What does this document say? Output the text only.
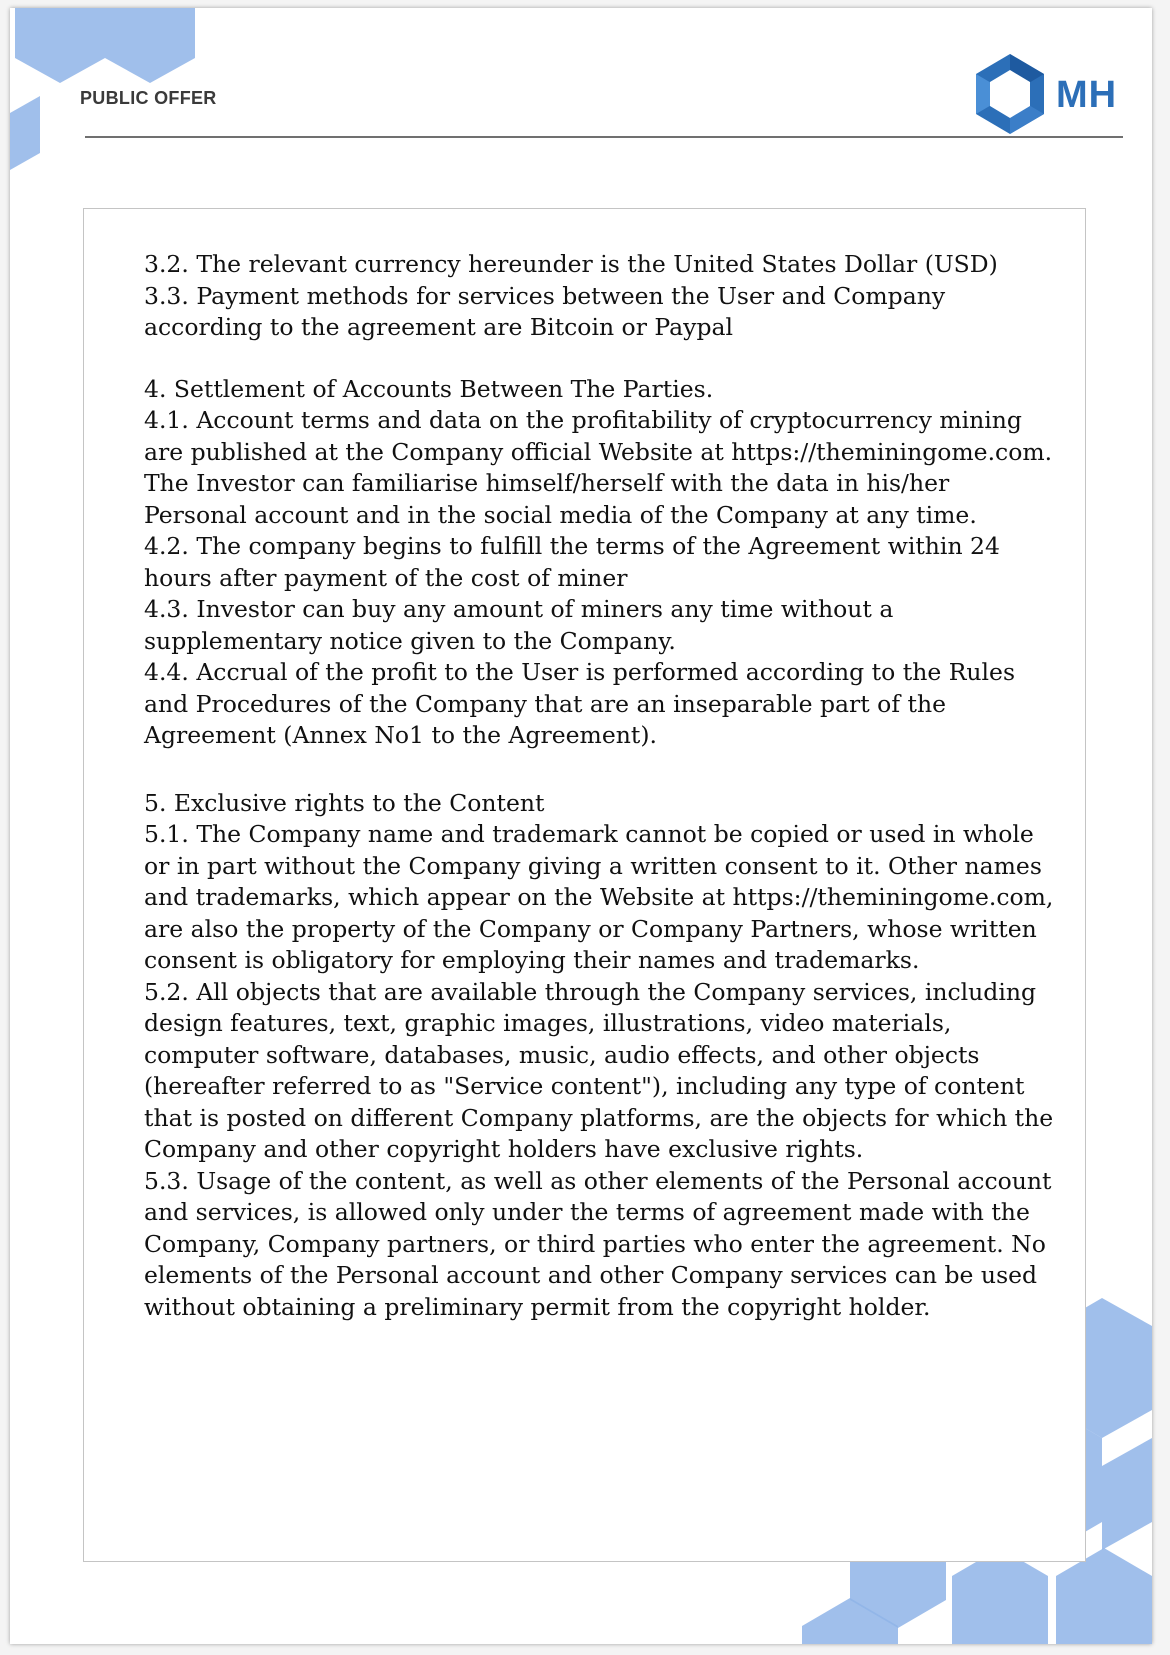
PUBLIC OFFER	MH

3.2. The relevant currency hereunder is the United States Dollar (USD)

3.3. Payment methods for services between the User and Company according to the agreement are Bitcoin or Paypal

4. Settlement of Accounts Between The Parties.

4.1. Account terms and data on the profitability of cryptocurrency mining are published at the Company official Website at https://theminingome.com. The Investor can familiarise himself/herself with the data in his/her Personal account and in the social media of the Company at any time.

4.2. The company begins to fulfill the terms of the Agreement within 24 hours after payment of the cost of miner

4.3. Investor can buy any amount of miners any time without a supplementary notice given to the Company.

4.4. Accrual of the profit to the User is performed according to the Rules and Procedures of the Company that are an inseparable part of the Agreement (Annex No1 to the Agreement).

5. Exclusive rights to the Content

5.1. The Company name and trademark cannot be copied or used in whole or in part without the Company giving a written consent to it. Other names and trademarks, which appear on the Website at https://theminingome.com, are also the property of the Company or Company Partners, whose written consent is obligatory for employing their names and trademarks.

5.2. All objects that are available through the Company services, including design features, text, graphic images, illustrations, video materials, computer software, databases, music, audio effects, and other objects (hereafter referred to as "Service content"), including any type of content that is posted on different Company platforms, are the objects for which the Company and other copyright holders have exclusive rights.

5.3. Usage of the content, as well as other elements of the Personal account and services, is allowed only under the terms of agreement made with the Company, Company partners, or third parties who enter the agreement. No elements of the Personal account and other Company services can be used without obtaining a preliminary permit from the copyright holder.
